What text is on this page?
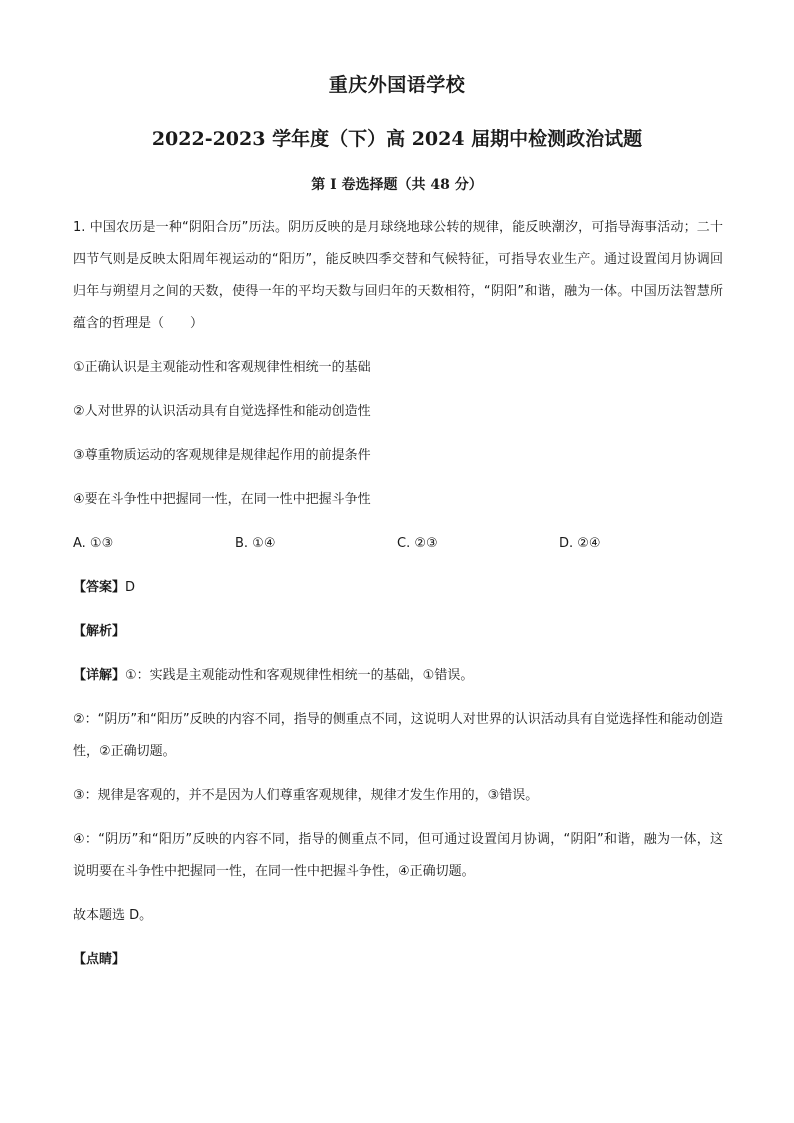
重庆外国语学校
2022-2023 学年度（下）高 2024 届期中检测政治试题
第 I 卷选择题（共 48 分）

1. 中国农历是一种“阴阳合历”历法。阴历反映的是月球绕地球公转的规律，能反映潮汐，可指导海事活动；二十四节气则是反映太阳周年视运动的“阳历”，能反映四季交替和气候特征，可指导农业生产。通过设置闰月协调回归年与朔望月之间的天数，使得一年的平均天数与回归年的天数相符，“阴阳”和谐，融为一体。中国历法智慧所蕴含的哲理是（　　）

①正确认识是主观能动性和客观规律性相统一的基础

②人对世界的认识活动具有自觉选择性和能动创造性

③尊重物质运动的客观规律是规律起作用的前提条件

④要在斗争性中把握同一性，在同一性中把握斗争性

A. ①③	B. ①④	C. ②③	D. ②④

【答案】D

【解析】

【详解】①：实践是主观能动性和客观规律性相统一的基础，①错误。

②：“阴历”和“阳历”反映的内容不同，指导的侧重点不同，这说明人对世界的认识活动具有自觉选择性和能动创造性，②正确切题。

③：规律是客观的，并不是因为人们尊重客观规律，规律才发生作用的，③错误。

④：“阴历”和“阳历”反映的内容不同，指导的侧重点不同，但可通过设置闰月协调，“阴阳”和谐，融为一体，这说明要在斗争性中把握同一性，在同一性中把握斗争性，④正确切题。

故本题选 D。

【点睛】
